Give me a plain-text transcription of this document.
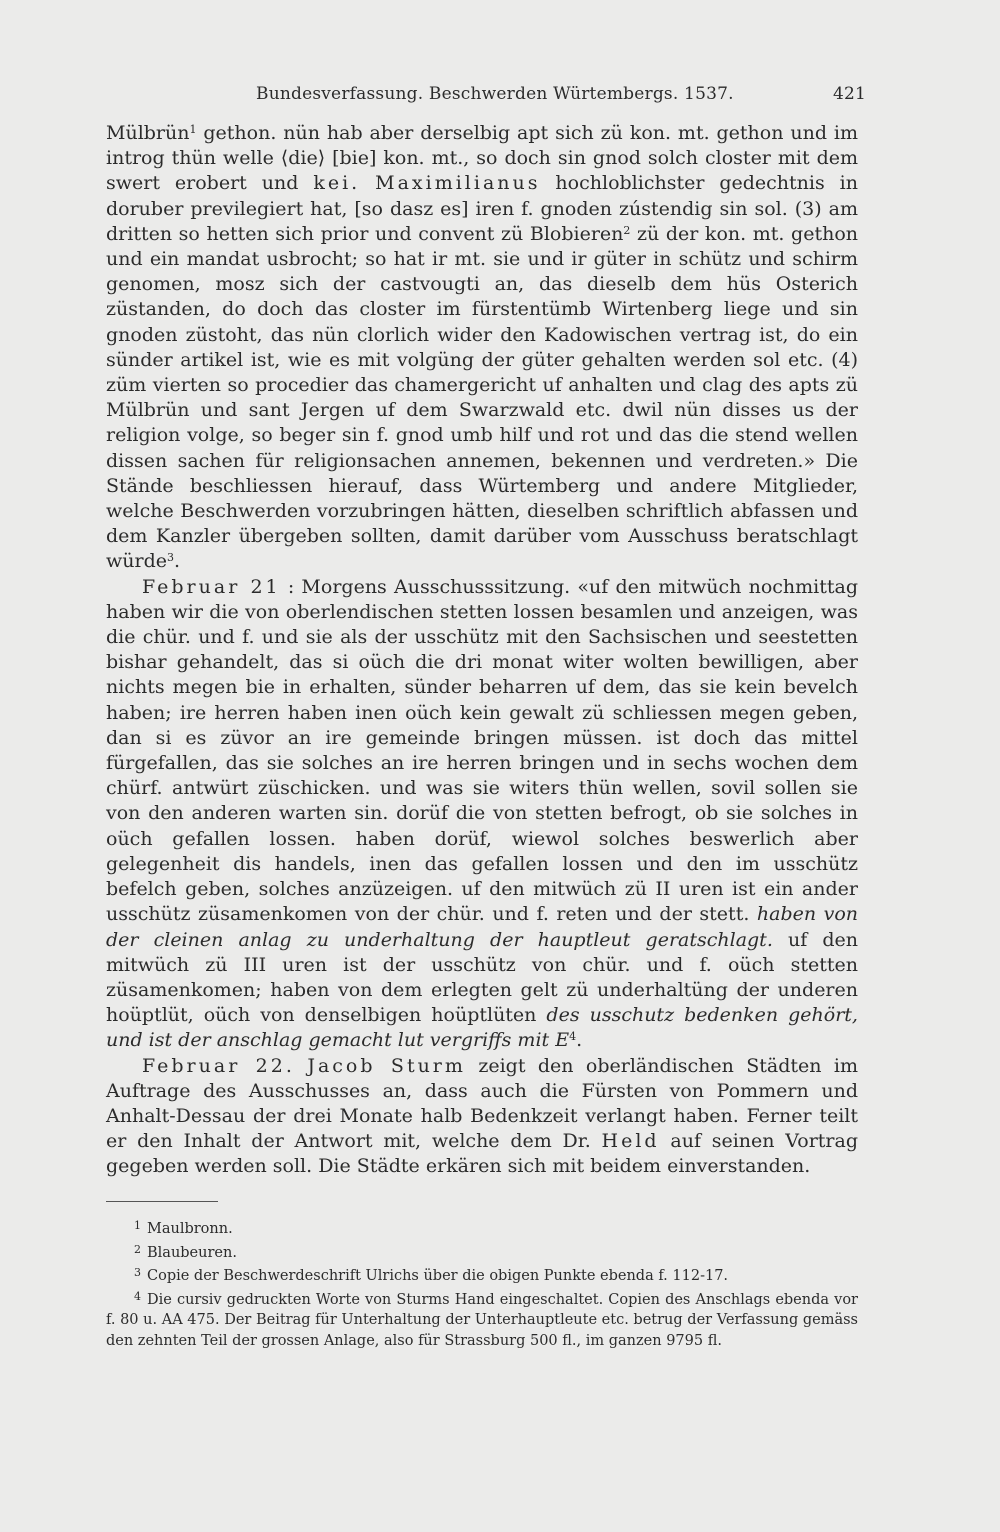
Bundesverfassung. Beschwerden Würtembergs. 1537.	421

Mülbrün$^1$ gethon. nün hab aber derselbig apt sich zü kon. mt. gethon und im introg thün welle ⟨die⟩ [bie] kon. mt., so doch sin gnod solch closter mit dem swert erobert und kei. Maximilianus hochloblichster gedechtnis in doruber previlegiert hat, [so dasz es] iren f. gnoden zústendig sin sol. (3) am dritten so hetten sich prior und convent zü Blobieren$^2$ zü der kon. mt. gethon und ein mandat usbrocht; so hat ir mt. sie und ir güter in schütz und schirm genomen, mosz sich der castvougti an, das dieselb dem hüs Osterich züstanden, do doch das closter im fürstentümb Wirtenberg liege und sin gnoden züstoht, das nün clorlich wider den Kadowischen vertrag ist, do ein sünder artikel ist, wie es mit volgüng der güter gehalten werden sol etc. (4) züm vierten so procedier das chamergericht uf anhalten und clag des apts zü Mülbrün und sant Jergen uf dem Swarzwald etc. dwil nün disses us der religion volge, so beger sin f. gnod umb hilf und rot und das die stend wellen dissen sachen für religionsachen annemen, bekennen und verdreten.» Die Stände beschliessen hierauf, dass Würtemberg und andere Mitglieder, welche Beschwerden vorzubringen hätten, dieselben schriftlich abfassen und dem Kanzler übergeben sollten, damit darüber vom Ausschuss beratschlagt würde$^3$.

Februar 21 : Morgens Ausschusssitzung. «uf den mitwüch nochmittag haben wir die von oberlendischen stetten lossen besamlen und anzeigen, was die chür. und f. und sie als der usschütz mit den Sachsischen und seestetten bishar gehandelt, das si oüch die dri monat witer wolten bewilligen, aber nichts megen bie in erhalten, sünder beharren uf dem, das sie kein bevelch haben; ire herren haben inen oüch kein gewalt zü schliessen megen geben, dan si es züvor an ire gemeinde bringen müssen. ist doch das mittel fürgefallen, das sie solches an ire herren bringen und in sechs wochen dem chürf. antwürt züschicken. und was sie witers thün wellen, sovil sollen sie von den anderen warten sin. dorüf die von stetten befrogt, ob sie solches in oüch gefallen lossen. haben dorüf, wiewol solches beswerlich aber gelegenheit dis handels, inen das gefallen lossen und den im usschütz befelch geben, solches anzüzeigen. uf den mitwüch zü II uren ist ein ander usschütz züsamenkomen von der chür. und f. reten und der stett. haben von der cleinen anlag zu underhaltung der hauptleut geratschlagt. uf den mitwüch zü III uren ist der usschütz von chür. und f. oüch stetten züsamenkomen; haben von dem erlegten gelt zü underhaltüng der underen hoüptlüt, oüch von denselbigen hoüptlüten des usschutz bedenken gehört, und ist der anschlag gemacht lut vergriffs mit $E^4$.

Februar 22. Jacob Sturm zeigt den oberländischen Städten im Auftrage des Ausschusses an, dass auch die Fürsten von Pommern und Anhalt-Dessau der drei Monate halb Bedenkzeit verlangt haben. Ferner teilt er den Inhalt der Antwort mit, welche dem Dr. Held auf seinen Vortrag gegeben werden soll. Die Städte erkären sich mit beidem einverstanden.

$^1$ Maulbronn.

$^2$ Blaubeuren.

$^3$ Copie der Beschwerdeschrift Ulrichs über die obigen Punkte ebenda f. 112-17.

$^4$ Die cursiv gedruckten Worte von Sturms Hand eingeschaltet. Copien des Anschlags ebenda vor f. 80 u. AA 475. Der Beitrag für Unterhaltung der Unterhauptleute etc. betrug der Verfassung gemäss den zehnten Teil der grossen Anlage, also für Strassburg 500 fl., im ganzen 9795 fl.
